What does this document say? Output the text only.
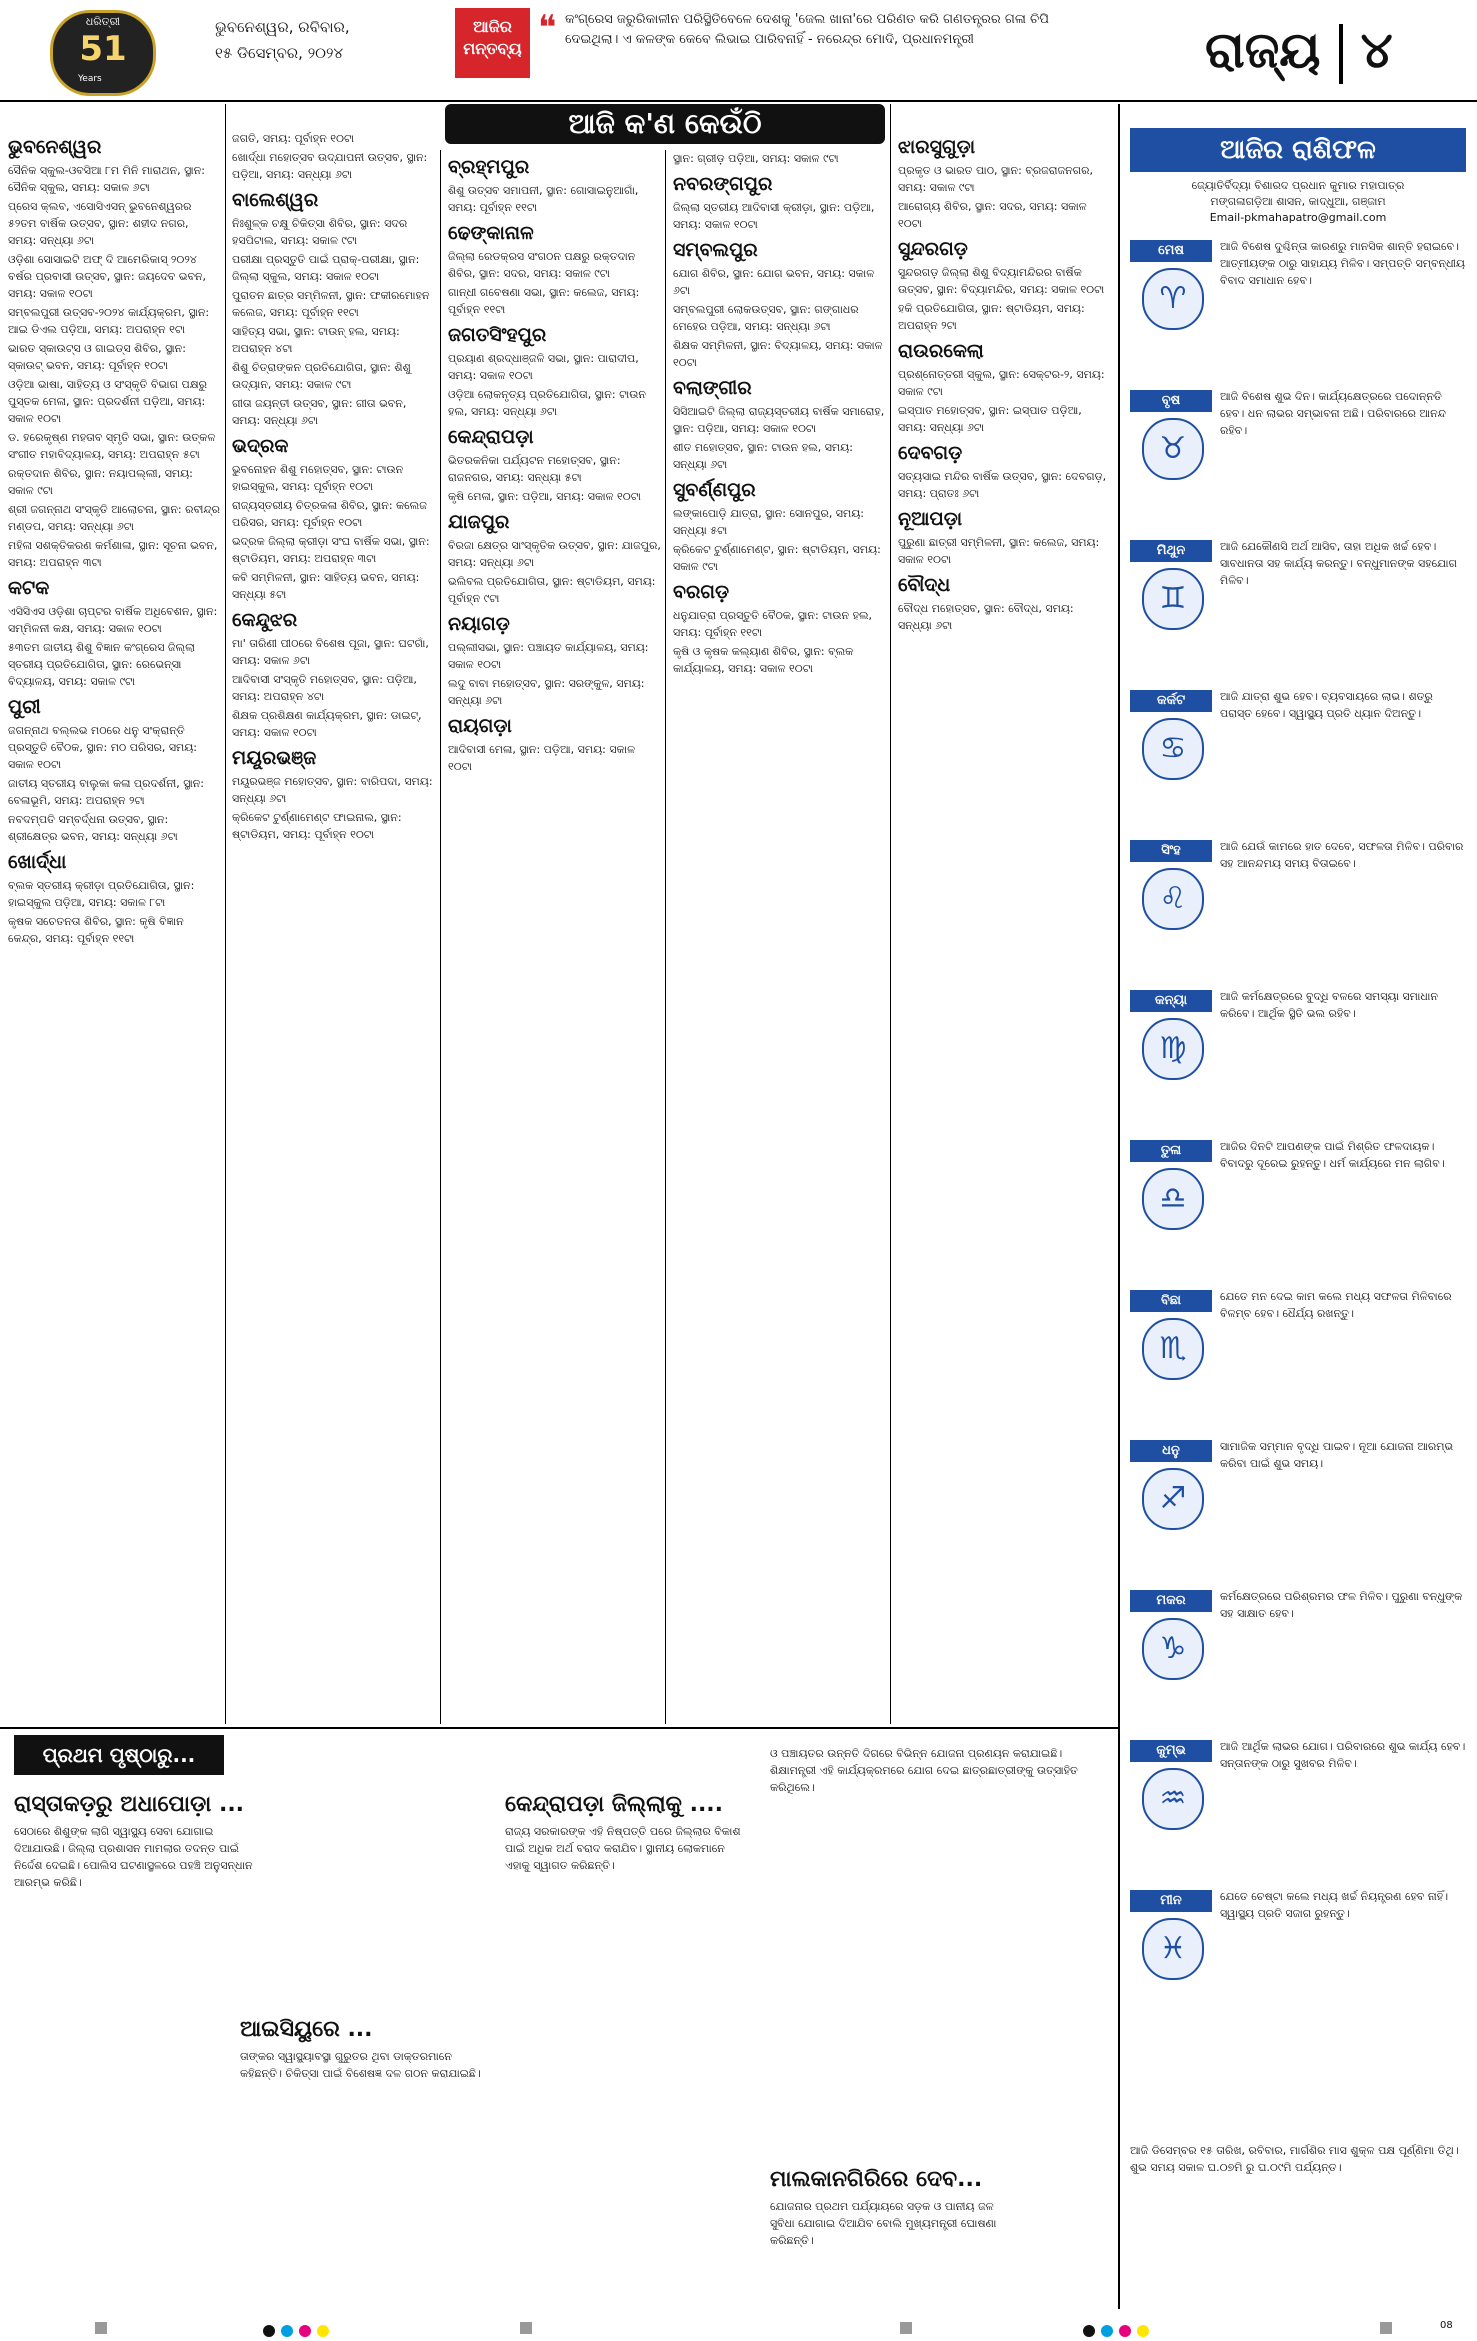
ଧରିତ୍ରୀ
51
Years
ଭୁବନେଶ୍ୱର, ରବିବାର,
୧୫ ଡିସେମ୍ବର, ୨୦୨୪
ଆଜିର ମନ୍ତବ୍ୟ
❝ କଂଗ୍ରେସ ଜରୁରିକାଳୀନ ପରିସ୍ଥିତିବେଳେ ଦେଶକୁ 'ଜେଲ ଖାନା'ରେ ପରିଣତ କରି ଗଣତନ୍ତ୍ରର ଗଳା ଚିପି ଦେଇଥିଲା। ଏ କଳଙ୍କ କେବେ ଲିଭାଇ ପାରିବନାହିଁ - ନରେନ୍ଦ୍ର ମୋଦି, ପ୍ରଧାନମନ୍ତ୍ରୀ	ରାଜ୍ୟ ୪
ଆଜି କ'ଣ କେଉଁଠି
ଭୁବନେଶ୍ୱର

ସୈନିକ ସ୍କୁଲ-ଓବସିଆ ୮ମ ମିନି ମାରାଥନ, ସ୍ଥାନ: ସୈନିକ ସ୍କୁଲ, ସମୟ: ସକାଳ ୬ଟା

ପ୍ରେସ କ୍ଲବ, ଏସୋସିଏସନ୍ ଭୁବନେଶ୍ୱରର ୫୨ତମ ବାର୍ଷିକ ଉତ୍ସବ, ସ୍ଥାନ: ଶହୀଦ ନଗର, ସମୟ: ସନ୍ଧ୍ୟା ୬ଟା

ଓଡ଼ିଶା ସୋସାଇଟି ଅଫ୍ ଦି ଆମେରିକାସ୍ ୨୦୨୪ ବର୍ଷର ପ୍ରବାସୀ ଉତ୍ସବ, ସ୍ଥାନ: ଜୟଦେବ ଭବନ, ସମୟ: ସକାଳ ୧୦ଟା

ସମ୍ବଲପୁରୀ ଉତ୍ସବ-୨୦୨୪ କାର୍ଯ୍ୟକ୍ରମ, ସ୍ଥାନ: ଆଇ ଡିଏଲ ପଡ଼ିଆ, ସମୟ: ଅପରାହ୍ନ ୧ଟା

ଭାରତ ସ୍କାଉଟ୍ସ ଓ ଗାଇଡ୍ସ ଶିବିର, ସ୍ଥାନ: ସ୍କାଉଟ୍ ଭବନ, ସମୟ: ପୂର୍ବାହ୍ନ ୧୦ଟା

ଓଡ଼ିଆ ଭାଷା, ସାହିତ୍ୟ ଓ ସଂସ୍କୃତି ବିଭାଗ ପକ୍ଷରୁ ପୁସ୍ତକ ମେଳା, ସ୍ଥାନ: ପ୍ରଦର୍ଶନୀ ପଡ଼ିଆ, ସମୟ: ସକାଳ ୧୦ଟା

ଡ. ହରେକୃଷ୍ଣ ମହତାବ ସ୍ମୃତି ସଭା, ସ୍ଥାନ: ଉତ୍କଳ ସଂଗୀତ ମହାବିଦ୍ୟାଳୟ, ସମୟ: ଅପରାହ୍ନ ୫ଟା

ରକ୍ତଦାନ ଶିବିର, ସ୍ଥାନ: ନୟାପଲ୍ଲୀ, ସମୟ: ସକାଳ ୯ଟା

ଶ୍ରୀ ଜଗନ୍ନାଥ ସଂସ୍କୃତି ଆଲୋଚନା, ସ୍ଥାନ: ରବୀନ୍ଦ୍ର ମଣ୍ଡପ, ସମୟ: ସନ୍ଧ୍ୟା ୬ଟା

ମହିଳା ସଶକ୍ତିକରଣ କର୍ମଶାଳା, ସ୍ଥାନ: ସୂଚନା ଭବନ, ସମୟ: ଅପରାହ୍ନ ୩ଟା

କଟକ

ଏସିସିଏସ ଓଡ଼ିଶା ଚାପ୍ଟର ବାର୍ଷିକ ଅଧିବେଶନ, ସ୍ଥାନ: ସମ୍ମିଳନୀ କକ୍ଷ, ସମୟ: ସକାଳ ୧୦ଟା

୫୩ତମ ଜାତୀୟ ଶିଶୁ ବିଜ୍ଞାନ କଂଗ୍ରେସ ଜିଲ୍ଲା ସ୍ତରୀୟ ପ୍ରତିଯୋଗିତା, ସ୍ଥାନ: ରେଭେନ୍ସା ବିଦ୍ୟାଳୟ, ସମୟ: ସକାଳ ୯ଟା

ପୁରୀ

ଜଗନ୍ନାଥ ବଲ୍ଲଭ ମଠରେ ଧନୁ ସଂକ୍ରାନ୍ତି ପ୍ରସ୍ତୁତି ବୈଠକ, ସ୍ଥାନ: ମଠ ପରିସର, ସମୟ: ସକାଳ ୧୦ଟା

ଜାତୀୟ ସ୍ତରୀୟ ବାଲୁକା କଳା ପ୍ରଦର୍ଶନୀ, ସ୍ଥାନ: ବେଳାଭୂମି, ସମୟ: ଅପରାହ୍ନ ୨ଟା

ନବଦମ୍ପତି ସମ୍ବର୍ଦ୍ଧନା ଉତ୍ସବ, ସ୍ଥାନ: ଶ୍ରୀକ୍ଷେତ୍ର ଭବନ, ସମୟ: ସନ୍ଧ୍ୟା ୬ଟା

ଖୋର୍ଦ୍ଧା

ବ୍ଲକ ସ୍ତରୀୟ କ୍ରୀଡ଼ା ପ୍ରତିଯୋଗିତା, ସ୍ଥାନ: ହାଇସ୍କୁଲ ପଡ଼ିଆ, ସମୟ: ସକାଳ ୮ଟା

କୃଷକ ସଚେତନତା ଶିବିର, ସ୍ଥାନ: କୃଷି ବିଜ୍ଞାନ କେନ୍ଦ୍ର, ସମୟ: ପୂର୍ବାହ୍ନ ୧୧ଟା

ଜଗତି, ସମୟ: ପୂର୍ବାହ୍ନ ୧୦ଟା

ଖୋର୍ଦ୍ଧା ମହୋତ୍ସବ ଉଦ୍‌ଯାପନୀ ଉତ୍ସବ, ସ୍ଥାନ: ପଡ଼ିଆ, ସମୟ: ସନ୍ଧ୍ୟା ୬ଟା

ବାଲେଶ୍ୱର

ନିଃଶୁଳ୍କ ଚକ୍ଷୁ ଚିକିତ୍ସା ଶିବିର, ସ୍ଥାନ: ସଦର ହସପିଟାଲ, ସମୟ: ସକାଳ ୯ଟା

ପରୀକ୍ଷା ପ୍ରସ୍ତୁତି ପାଇଁ ପ୍ରାକ୍-ପରୀକ୍ଷା, ସ୍ଥାନ: ଜିଲ୍ଲା ସ୍କୁଲ, ସମୟ: ସକାଳ ୧୦ଟା

ପୁରାତନ ଛାତ୍ର ସମ୍ମିଳନୀ, ସ୍ଥାନ: ଫକୀରମୋହନ କଲେଜ, ସମୟ: ପୂର୍ବାହ୍ନ ୧୧ଟା

ସାହିତ୍ୟ ସଭା, ସ୍ଥାନ: ଟାଉନ୍ ହଲ, ସମୟ: ଅପରାହ୍ନ ୪ଟା

ଶିଶୁ ଚିତ୍ରାଙ୍କନ ପ୍ରତିଯୋଗିତା, ସ୍ଥାନ: ଶିଶୁ ଉଦ୍ୟାନ, ସମୟ: ସକାଳ ୯ଟା

ଗୀତା ଜୟନ୍ତୀ ଉତ୍ସବ, ସ୍ଥାନ: ଗୀତା ଭବନ, ସମୟ: ସନ୍ଧ୍ୟା ୬ଟା

ଭଦ୍ରକ

ଭୁବନୋହନ ଶିଶୁ ମହୋତ୍ସବ, ସ୍ଥାନ: ଟାଉନ ହାଇସ୍କୁଲ, ସମୟ: ପୂର୍ବାହ୍ନ ୧୦ଟା

ରାଜ୍ୟସ୍ତରୀୟ ଚିତ୍ରକଳା ଶିବିର, ସ୍ଥାନ: କଲେଜ ପରିସର, ସମୟ: ପୂର୍ବାହ୍ନ ୧୦ଟା

ଭଦ୍ରକ ଜିଲ୍ଲା କ୍ରୀଡ଼ା ସଂଘ ବାର୍ଷିକ ସଭା, ସ୍ଥାନ: ଷ୍ଟାଡିୟମ, ସମୟ: ଅପରାହ୍ନ ୩ଟା

କବି ସମ୍ମିଳନୀ, ସ୍ଥାନ: ସାହିତ୍ୟ ଭବନ, ସମୟ: ସନ୍ଧ୍ୟା ୫ଟା

କେନ୍ଦୁଝର

ମା' ତାରିଣୀ ପୀଠରେ ବିଶେଷ ପୂଜା, ସ୍ଥାନ: ଘଟଗାଁ, ସମୟ: ସକାଳ ୬ଟା

ଆଦିବାସୀ ସଂସ୍କୃତି ମହୋତ୍ସବ, ସ୍ଥାନ: ପଡ଼ିଆ, ସମୟ: ଅପରାହ୍ନ ୪ଟା

ଶିକ୍ଷକ ପ୍ରଶିକ୍ଷଣ କାର୍ଯ୍ୟକ୍ରମ, ସ୍ଥାନ: ଡାଇଟ୍, ସମୟ: ସକାଳ ୧୦ଟା

ମୟୂରଭଞ୍ଜ

ମୟୂରଭଞ୍ଜ ମହୋତ୍ସବ, ସ୍ଥାନ: ବାରିପଦା, ସମୟ: ସନ୍ଧ୍ୟା ୬ଟା

କ୍ରିକେଟ ଟୁର୍ଣ୍ଣାମେଣ୍ଟ ଫାଇନାଲ, ସ୍ଥାନ: ଷ୍ଟାଡିୟମ, ସମୟ: ପୂର୍ବାହ୍ନ ୧୦ଟା

ବ୍ରହ୍ମପୁର

ଶିଶୁ ଉତ୍ସବ ସମାପନୀ, ସ୍ଥାନ: ଗୋସାଇନୁଆଗାଁ, ସମୟ: ପୂର୍ବାହ୍ନ ୧୧ଟା

ଢେଙ୍କାନାଳ

ଜିଲ୍ଲା ରେଡକ୍ରସ ସଂଗଠନ ପକ୍ଷରୁ ରକ୍ତଦାନ ଶିବିର, ସ୍ଥାନ: ସଦର, ସମୟ: ସକାଳ ୯ଟା

ଗାନ୍ଧୀ ଗବେଷଣା ସଭା, ସ୍ଥାନ: କଲେଜ, ସମୟ: ପୂର୍ବାହ୍ନ ୧୧ଟା

ଜଗତସିଂହପୁର

ପ୍ରୟାଣ ଶ୍ରଦ୍ଧାଞ୍ଜଳି ସଭା, ସ୍ଥାନ: ପାରାଦୀପ, ସମୟ: ସକାଳ ୧୦ଟା

ଓଡ଼ିଆ ଲୋକନୃତ୍ୟ ପ୍ରତିଯୋଗିତା, ସ୍ଥାନ: ଟାଉନ ହଲ, ସମୟ: ସନ୍ଧ୍ୟା ୬ଟା

କେନ୍ଦ୍ରାପଡ଼ା

ଭିତରକନିକା ପର୍ଯ୍ୟଟନ ମହୋତ୍ସବ, ସ୍ଥାନ: ରାଜନଗର, ସମୟ: ସନ୍ଧ୍ୟା ୫ଟା

କୃଷି ମେଳା, ସ୍ଥାନ: ପଡ଼ିଆ, ସମୟ: ସକାଳ ୧୦ଟା

ଯାଜପୁର

ବିରଜା କ୍ଷେତ୍ର ସାଂସ୍କୃତିକ ଉତ୍ସବ, ସ୍ଥାନ: ଯାଜପୁର, ସମୟ: ସନ୍ଧ୍ୟା ୬ଟା

ଭଲିବଲ ପ୍ରତିଯୋଗିତା, ସ୍ଥାନ: ଷ୍ଟାଡିୟମ, ସମୟ: ପୂର୍ବାହ୍ନ ୯ଟା

ନୟାଗଡ଼

ପଲ୍ଲୀସଭା, ସ୍ଥାନ: ପଞ୍ଚାୟତ କାର୍ଯ୍ୟାଳୟ, ସମୟ: ସକାଳ ୧୦ଟା

ଲଦୁ ବାବା ମହୋତ୍ସବ, ସ୍ଥାନ: ସରଙ୍କୁଳ, ସମୟ: ସନ୍ଧ୍ୟା ୬ଟା

ରାୟଗଡ଼ା

ଆଦିବାସୀ ମେଳା, ସ୍ଥାନ: ପଡ଼ିଆ, ସମୟ: ସକାଳ ୧୦ଟା

ସ୍ଥାନ: ଗ୍ରୀଡ଼ ପଡ଼ିଆ, ସମୟ: ସକାଳ ୯ଟା

ନବରଙ୍ଗପୁର

ଜିଲ୍ଲା ସ୍ତରୀୟ ଆଦିବାସୀ କ୍ରୀଡ଼ା, ସ୍ଥାନ: ପଡ଼ିଆ, ସମୟ: ସକାଳ ୧୦ଟା

ସମ୍ବଲପୁର

ଯୋଗ ଶିବିର, ସ୍ଥାନ: ଯୋଗ ଭବନ, ସମୟ: ସକାଳ ୬ଟା

ସମ୍ବଲପୁରୀ ଲୋକଉତ୍ସବ, ସ୍ଥାନ: ଗଙ୍ଗାଧର ମେହେର ପଡ଼ିଆ, ସମୟ: ସନ୍ଧ୍ୟା ୬ଟା

ଶିକ୍ଷକ ସମ୍ମିଳନୀ, ସ୍ଥାନ: ବିଦ୍ୟାଳୟ, ସମୟ: ସକାଳ ୧୦ଟା

ବଲାଙ୍ଗୀର

ସିସିଆଇଟି ଜିଲ୍ଲା ରାଜ୍ୟସ୍ତରୀୟ ବାର୍ଷିକ ସମାରୋହ, ସ୍ଥାନ: ପଡ଼ିଆ, ସମୟ: ସକାଳ ୧୦ଟା

ଶୀତ ମହୋତ୍ସବ, ସ୍ଥାନ: ଟାଉନ ହଲ, ସମୟ: ସନ୍ଧ୍ୟା ୬ଟା

ସୁବର୍ଣ୍ଣପୁର

ଲଙ୍କାପୋଡ଼ି ଯାତ୍ରା, ସ୍ଥାନ: ସୋନପୁର, ସମୟ: ସନ୍ଧ୍ୟା ୫ଟା

କ୍ରିକେଟ ଟୁର୍ଣ୍ଣାମେଣ୍ଟ, ସ୍ଥାନ: ଷ୍ଟାଡିୟମ, ସମୟ: ସକାଳ ୯ଟା

ବରଗଡ଼

ଧନୁଯାତ୍ରା ପ୍ରସ୍ତୁତି ବୈଠକ, ସ୍ଥାନ: ଟାଉନ ହଲ, ସମୟ: ପୂର୍ବାହ୍ନ ୧୧ଟା

କୃଷି ଓ କୃଷକ କଲ୍ୟାଣ ଶିବିର, ସ୍ଥାନ: ବ୍ଲକ କାର୍ଯ୍ୟାଳୟ, ସମୟ: ସକାଳ ୧୦ଟା

ଝାରସୁଗୁଡ଼ା

ପ୍ରକୃତ ଓ ଭାରତ ପାଠ, ସ୍ଥାନ: ବ୍ରଜରାଜନଗର, ସମୟ: ସକାଳ ୯ଟା

ଆରୋଗ୍ୟ ଶିବିର, ସ୍ଥାନ: ସଦର, ସମୟ: ସକାଳ ୧୦ଟା

ସୁନ୍ଦରଗଡ଼

ସୁନ୍ଦରଗଡ଼ ଜିଲ୍ଲା ଶିଶୁ ବିଦ୍ୟାମନ୍ଦିରର ବାର୍ଷିକ ଉତ୍ସବ, ସ୍ଥାନ: ବିଦ୍ୟାମନ୍ଦିର, ସମୟ: ସକାଳ ୧୦ଟା

ହକି ପ୍ରତିଯୋଗିତା, ସ୍ଥାନ: ଷ୍ଟାଡିୟମ, ସମୟ: ଅପରାହ୍ନ ୨ଟା

ରାଉରକେଲା

ପ୍ରଶ୍ନୋତ୍ତରୀ ସ୍କୁଲ, ସ୍ଥାନ: ସେକ୍ଟର-୨, ସମୟ: ସକାଳ ୯ଟା

ଇସ୍ପାତ ମହୋତ୍ସବ, ସ୍ଥାନ: ଇସ୍ପାତ ପଡ଼ିଆ, ସମୟ: ସନ୍ଧ୍ୟା ୬ଟା

ଦେବଗଡ଼

ସତ୍ୟସାଇ ମନ୍ଦିର ବାର୍ଷିକ ଉତ୍ସବ, ସ୍ଥାନ: ଦେବଗଡ଼, ସମୟ: ପ୍ରାତଃ ୬ଟା

ନୂଆପଡ଼ା

ପୁରୁଣା ଛାତ୍ରୀ ସମ୍ମିଳନୀ, ସ୍ଥାନ: କଲେଜ, ସମୟ: ସକାଳ ୧୦ଟା

ବୌଦ୍ଧ

ବୌଦ୍ଧ ମହୋତ୍ସବ, ସ୍ଥାନ: ବୌଦ୍ଧ, ସମୟ: ସନ୍ଧ୍ୟା ୬ଟା

ଆଜିର ରାଶିଫଳ
ଜ୍ୟୋତିର୍ବିଦ୍ୟା ବିଶାରଦ ପ୍ରଧାନ କୁମାର ମହାପାତ୍ର
ମଙ୍ଗଳାଗଡ଼ିଆ ଶାସନ, କାଦ୍ଧୁଆ, ଗଞ୍ଜାମ
Email-pkmahapatro@gmail.com
ମେଷ
♈
ଆଜି ବିଶେଷ ଦୁଶ୍ଚିନ୍ତା କାରଣରୁ ମାନସିକ ଶାନ୍ତି ହରାଇବେ। ଆତ୍ମୀୟଙ୍କ ଠାରୁ ସାହାଯ୍ୟ ମିଳିବ। ସମ୍ପତ୍ତି ସମ୍ବନ୍ଧୀୟ ବିବାଦ ସମାଧାନ ହେବ।
ବୃଷ
♉
ଆଜି ବିଶେଷ ଶୁଭ ଦିନ। କାର୍ଯ୍ୟକ୍ଷେତ୍ରରେ ପଦୋନ୍ନତି ହେବ। ଧନ ଲାଭର ସମ୍ଭାବନା ଅଛି। ପରିବାରରେ ଆନନ୍ଦ ରହିବ।
ମିଥୁନ
♊
ଆଜି ଯେକୌଣସି ଅର୍ଥ ଆସିବ, ତାହା ଅଧିକ ଖର୍ଚ୍ଚ ହେବ। ସାବଧାନତା ସହ କାର୍ଯ୍ୟ କରନ୍ତୁ। ବନ୍ଧୁମାନଙ୍କ ସହଯୋଗ ମିଳିବ।
କର୍କଟ
♋
ଆଜି ଯାତ୍ରା ଶୁଭ ହେବ। ବ୍ୟବସାୟରେ ଲାଭ। ଶତ୍ରୁ ପରାସ୍ତ ହେବେ। ସ୍ୱାସ୍ଥ୍ୟ ପ୍ରତି ଧ୍ୟାନ ଦିଅନ୍ତୁ।
ସିଂହ
♌
ଆଜି ଯେଉଁ କାମରେ ହାତ ଦେବେ, ସଫଳତା ମିଳିବ। ପରିବାର ସହ ଆନନ୍ଦମୟ ସମୟ ବିତାଇବେ।
କନ୍ୟା
♍
ଆଜି କର୍ମକ୍ଷେତ୍ରରେ ବୁଦ୍ଧି ବଳରେ ସମସ୍ୟା ସମାଧାନ କରିବେ। ଆର୍ଥିକ ସ୍ଥିତି ଭଲ ରହିବ।
ତୁଳା
♎
ଆଜିର ଦିନଟି ଆପଣଙ୍କ ପାଇଁ ମିଶ୍ରିତ ଫଳଦାୟକ। ବିବାଦରୁ ଦୂରେଇ ରୁହନ୍ତୁ। ଧର୍ମ କାର୍ଯ୍ୟରେ ମନ ଲାଗିବ।
ବିଛା
♏
ଯେତେ ମନ ଦେଇ କାମ କଲେ ମଧ୍ୟ ସଫଳତା ମିଳିବାରେ ବିଳମ୍ବ ହେବ। ଧୈର୍ଯ୍ୟ ରଖନ୍ତୁ।
ଧନୁ
♐
ସାମାଜିକ ସମ୍ମାନ ବୃଦ୍ଧି ପାଇବ। ନୂଆ ଯୋଜନା ଆରମ୍ଭ କରିବା ପାଇଁ ଶୁଭ ସମୟ।
ମକର
♑
କର୍ମକ୍ଷେତ୍ରରେ ପରିଶ୍ରମର ଫଳ ମିଳିବ। ପୁରୁଣା ବନ୍ଧୁଙ୍କ ସହ ସାକ୍ଷାତ ହେବ।
କୁମ୍ଭ
♒
ଆଜି ଆର୍ଥିକ ଲାଭର ଯୋଗ। ପରିବାରରେ ଶୁଭ କାର୍ଯ୍ୟ ହେବ। ସନ୍ତାନଙ୍କ ଠାରୁ ସୁଖବର ମିଳିବ।
ମୀନ
♓
ଯେତେ ଚେଷ୍ଟା କଲେ ମଧ୍ୟ ଖର୍ଚ୍ଚ ନିୟନ୍ତ୍ରଣ ହେବ ନାହିଁ। ସ୍ୱାସ୍ଥ୍ୟ ପ୍ରତି ସଜାଗ ରୁହନ୍ତୁ।
ଆଜି ଡିସେମ୍ବର ୧୫ ତାରିଖ, ରବିବାର, ମାର୍ଗଶିର ମାସ ଶୁକ୍ଳ ପକ୍ଷ ପୂର୍ଣ୍ଣିମା ତିଥି। ଶୁଭ ସମୟ ସକାଳ ଘ.୦୭ମି ରୁ ଘ.୦୯ମି ପର୍ଯ୍ୟନ୍ତ।
ପ୍ରଥମ ପୃଷ୍ଠାରୁ...
ରାସ୍ତାକଡ଼ରୁ ଅଧାପୋଡ଼ା ...
ସେଠାରେ ଶିଶୁଙ୍କ ଲାଗି ସ୍ୱାସ୍ଥ୍ୟ ସେବା ଯୋଗାଇ ଦିଆଯାଉଛି। ଜିଲ୍ଲା ପ୍ରଶାସନ ମାମଲାର ତଦନ୍ତ ପାଇଁ ନିର୍ଦ୍ଦେଶ ଦେଇଛି। ପୋଲିସ ଘଟଣାସ୍ଥଳରେ ପହଞ୍ଚି ଅନୁସନ୍ଧାନ ଆରମ୍ଭ କରିଛି।
ଆଇସିୟୁରେ ...
ତାଙ୍କର ସ୍ୱାସ୍ଥ୍ୟାବସ୍ଥା ଗୁରୁତର ଥିବା ଡାକ୍ତରମାନେ କହିଛନ୍ତି। ଚିକିତ୍ସା ପାଇଁ ବିଶେଷଜ୍ଞ ଦଳ ଗଠନ କରାଯାଇଛି।
କେନ୍ଦ୍ରାପଡ଼ା ଜିଲ୍ଲାକୁ ....
ରାଜ୍ୟ ସରକାରଙ୍କ ଏହି ନିଷ୍ପତ୍ତି ପରେ ଜିଲ୍ଲାର ବିକାଶ ପାଇଁ ଅଧିକ ଅର୍ଥ ବରାଦ କରାଯିବ। ସ୍ଥାନୀୟ ଲୋକମାନେ ଏହାକୁ ସ୍ୱାଗତ କରିଛନ୍ତି।
ମାଲକାନଗିରିରେ ଦେବ...
ଯୋଜନାର ପ୍ରଥମ ପର୍ଯ୍ୟାୟରେ ସଡ଼କ ଓ ପାନୀୟ ଜଳ ସୁବିଧା ଯୋଗାଇ ଦିଆଯିବ ବୋଲି ମୁଖ୍ୟମନ୍ତ୍ରୀ ଘୋଷଣା କରିଛନ୍ତି।
ଓ ପଞ୍ଚାୟତର ଉନ୍ନତି ଦିଗରେ ବିଭିନ୍ନ ଯୋଜନା ପ୍ରଣୟନ କରାଯାଇଛି। ଶିକ୍ଷାମନ୍ତ୍ରୀ ଏହି କାର୍ଯ୍ୟକ୍ରମରେ ଯୋଗ ଦେଇ ଛାତ୍ରଛାତ୍ରୀଙ୍କୁ ଉତ୍ସାହିତ କରିଥିଲେ।
08
